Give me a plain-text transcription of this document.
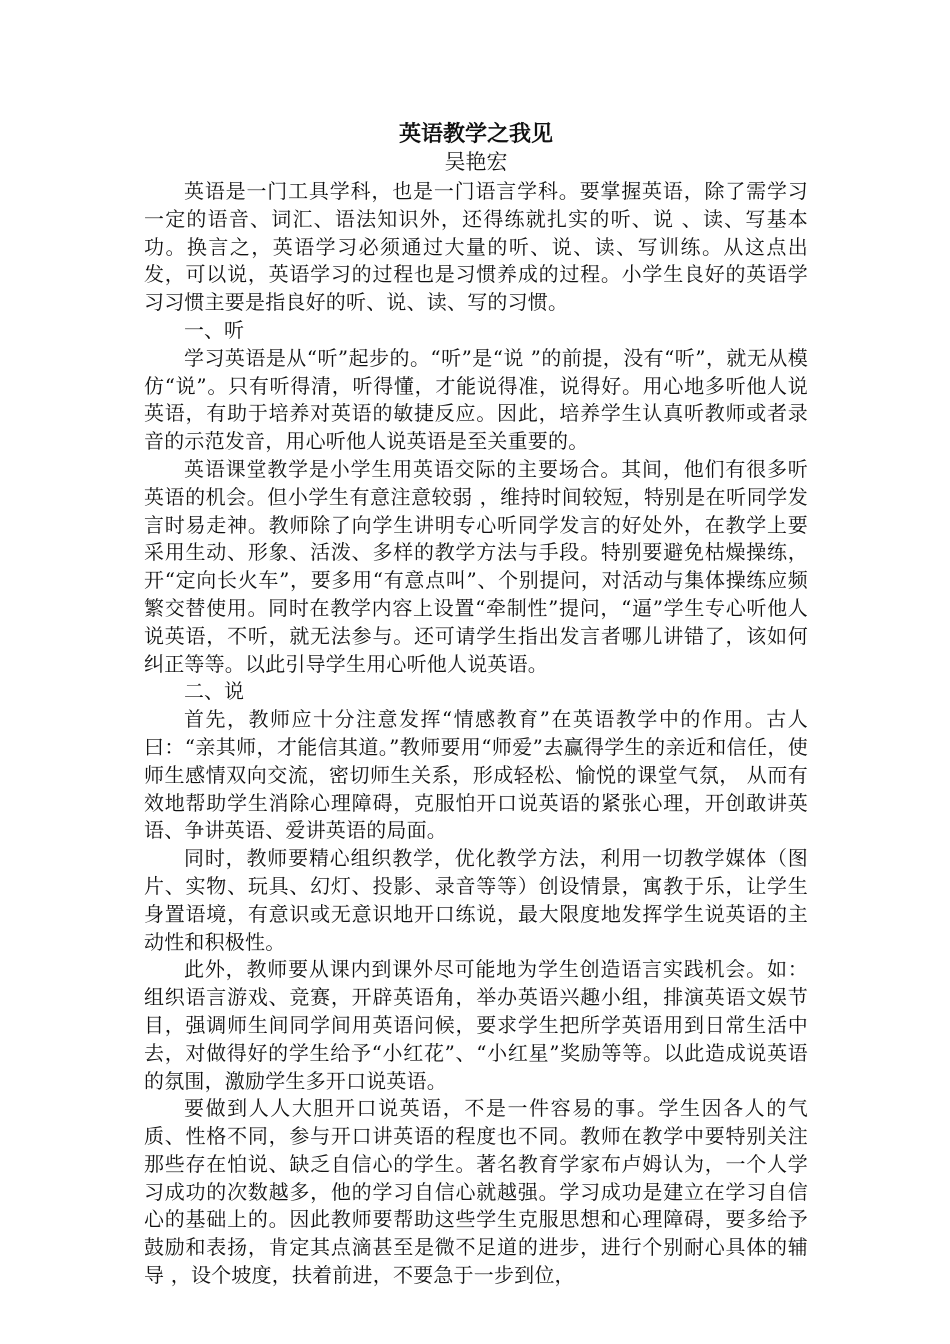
英语教学之我见

吴艳宏

英语是一门工具学科，也是一门语言学科。要掌握英语，除了需学习一定的语音、词汇、语法知识外，还得练就扎实的听、说 、读、写基本功。换言之，英语学习必须通过大量的听、说、读、写训练。从这点出发，可以说，英语学习的过程也是习惯养成的过程。小学生良好的英语学习习惯主要是指良好的听、说、读、写的习惯。

一、听

学习英语是从“听”起步的。“听”是“说 ”的前提，没有“听”，就无从模仿“说”。只有听得清，听得懂，才能说得准，说得好。用心地多听他人说英语，有助于培养对英语的敏捷反应。因此，培养学生认真听教师或者录音的示范发音，用心听他人说英语是至关重要的。

英语课堂教学是小学生用英语交际的主要场合。其间，他们有很多听英语的机会。但小学生有意注意较弱 ，维持时间较短，特别是在听同学发言时易走神。教师除了向学生讲明专心听同学发言的好处外，在教学上要采用生动、形象、活泼、多样的教学方法与手段。特别要避免枯燥操练，开“定向长火车”，要多用“有意点叫”、个别提问，对活动与集体操练应频繁交替使用。同时在教学内容上设置“牵制性”提问，“逼”学生专心听他人说英语，不听，就无法参与。还可请学生指出发言者哪儿讲错了，该如何纠正等等。以此引导学生用心听他人说英语。

二、说

首先，教师应十分注意发挥“情感教育”在英语教学中的作用。古人曰：“亲其师，才能信其道。”教师要用“师爱”去赢得学生的亲近和信任，使师生感情双向交流，密切师生关系，形成轻松、愉悦的课堂气氛， 从而有效地帮助学生消除心理障碍，克服怕开口说英语的紧张心理，开创敢讲英语、争讲英语、爱讲英语的局面。

同时，教师要精心组织教学，优化教学方法，利用一切教学媒体（图片、实物、玩具、幻灯、投影、录音等等）创设情景，寓教于乐，让学生身置语境，有意识或无意识地开口练说，最大限度地发挥学生说英语的主动性和积极性。

此外，教师要从课内到课外尽可能地为学生创造语言实践机会。如：组织语言游戏、竞赛，开辟英语角，举办英语兴趣小组，排演英语文娱节目，强调师生间同学间用英语问候，要求学生把所学英语用到日常生活中去，对做得好的学生给予“小红花”、“小红星”奖励等等。以此造成说英语的氛围，激励学生多开口说英语。

要做到人人大胆开口说英语，不是一件容易的事。学生因各人的气质、性格不同，参与开口讲英语的程度也不同。教师在教学中要特别关注那些存在怕说、缺乏自信心的学生。著名教育学家布卢姆认为，一个人学习成功的次数越多，他的学习自信心就越强。学习成功是建立在学习自信心的基础上的。因此教师要帮助这些学生克服思想和心理障碍，要多给予鼓励和表扬，肯定其点滴甚至是微不足道的进步，进行个别耐心具体的辅导 ，设个坡度，扶着前进，不要急于一步到位，
